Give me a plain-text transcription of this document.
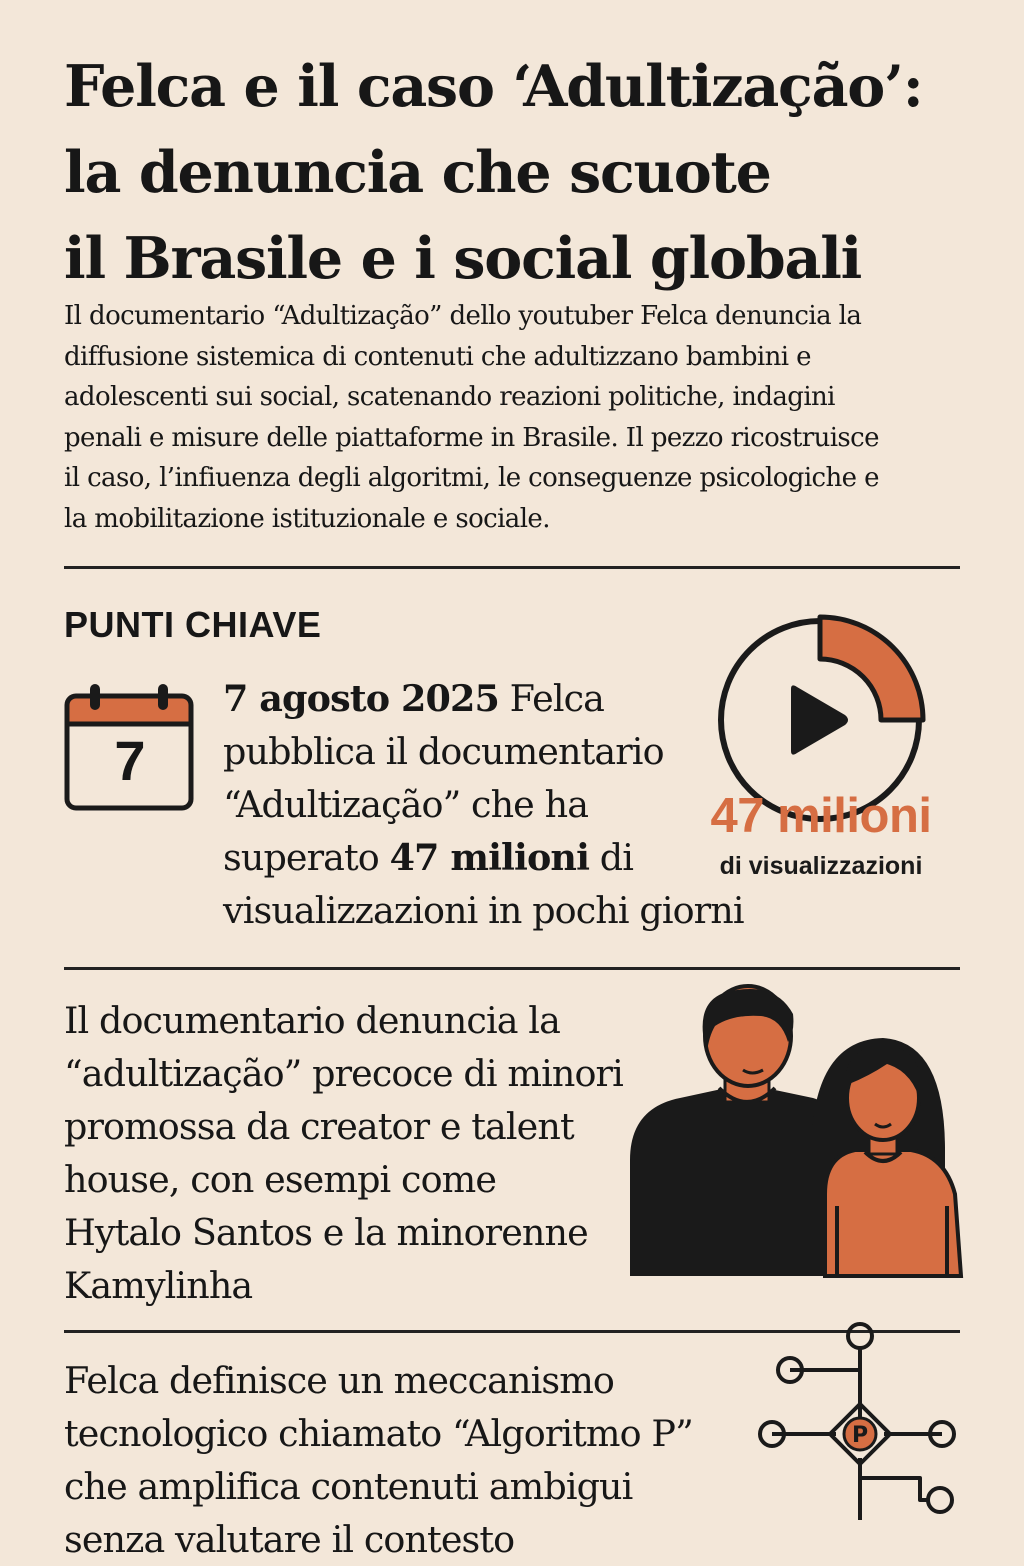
Felca e il caso ‘Adultização’:
la denuncia che scuote
il Brasile e i social globali

Il documentario “Adultização” dello youtuber Felca denuncia la
diffusione sistemica di contenuti che adultizzano bambini e
adolescenti sui social, scatenando reazioni politiche, indagini
penali e misure delle piattaforme in Brasile. Il pezzo ricostruisce
il caso, l’infiuenza degli algoritmi, le conseguenze psicologiche e
la mobilitazione istituzionale e sociale.

PUNTI CHIAVE
7
7 agosto 2025 Felca
pubblica il documentario
“Adultização” che ha
superato 47 milioni di
visualizzazioni in pochi giorni
47 milioni
di visualizzazioni
Il documentario denuncia la
“adultização” precoce di minori
promossa da creator e talent
house, con esempi come
Hytalo Santos e la minorenne
Kamylinha
Felca definisce un meccanismo
tecnologico chiamato “Algoritmo P”
che amplifica contenuti ambigui
senza valutare il contesto
P
